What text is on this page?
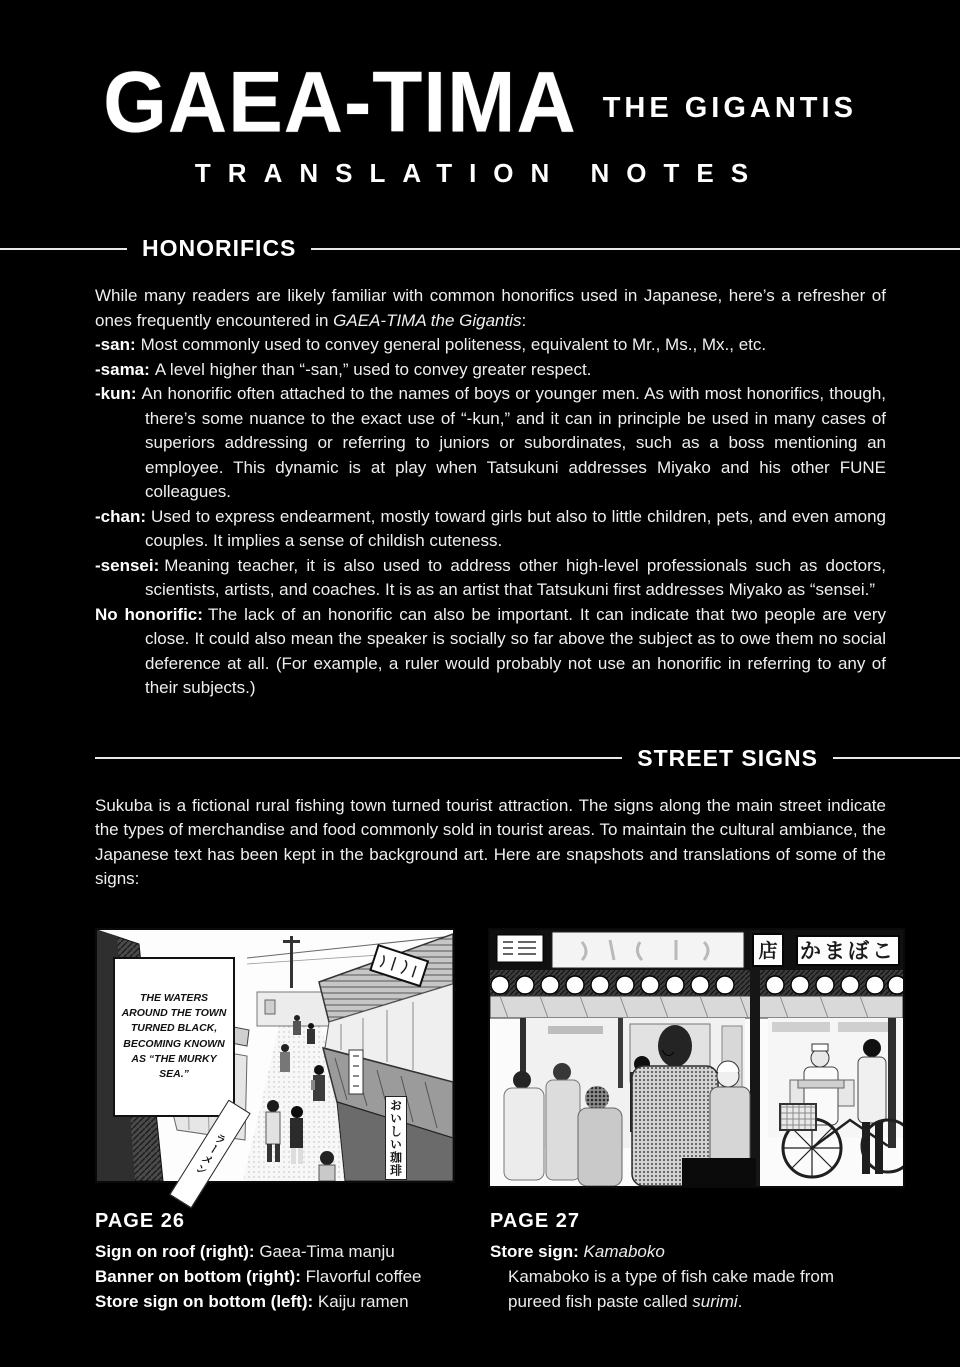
GAEA-TIMA THE GIGANTIS
TRANSLATION NOTES
HONORIFICS
While many readers are likely familiar with common honorifics used in Japanese, here’s a refresher of ones frequently encountered in GAEA-TIMA the Gigantis:
-san: Most commonly used to convey general politeness, equivalent to Mr., Ms., Mx., etc.
-sama: A level higher than “-san,” used to convey greater respect.
-kun: An honorific often attached to the names of boys or younger men. As with most honorifics, though, there’s some nuance to the exact use of “-kun,” and it can in principle be used in many cases of superiors addressing or referring to juniors or subordinates, such as a boss mentioning an employee. This dynamic is at play when Tatsukuni addresses Miyako and his other FUNE colleagues.
-chan: Used to express endearment, mostly toward girls but also to little children, pets, and even among couples. It implies a sense of childish cuteness.
-sensei: Meaning teacher, it is also used to address other high-level professionals such as doctors, scientists, artists, and coaches. It is as an artist that Tatsukuni first addresses Miyako as “sensei.”
No honorific: The lack of an honorific can also be important. It can indicate that two people are very close. It could also mean the speaker is socially so far above the subject as to owe them no social deference at all. (For example, a ruler would probably not use an honorific in referring to any of their subjects.)
STREET SIGNS
Sukuba is a fictional rural fishing town turned tourist attraction. The signs along the main street indicate the types of merchandise and food commonly sold in tourist areas. To maintain the cultural ambiance, the Japanese text has been kept in the background art. Here are snapshots and translations of some of the signs:
THE WATERS AROUND THE TOWN TURNED BLACK, BECOMING KNOWN AS “THE MURKY SEA.”
おいしい珈琲
ラーメン
店	かまぼこ
PAGE 26
Sign on roof (right): Gaea-Tima manju
Banner on bottom (right): Flavorful coffee
Store sign on bottom (left): Kaiju ramen
PAGE 27
Store sign: Kamaboko
Kamaboko is a type of fish cake made from pureed fish paste called surimi.
